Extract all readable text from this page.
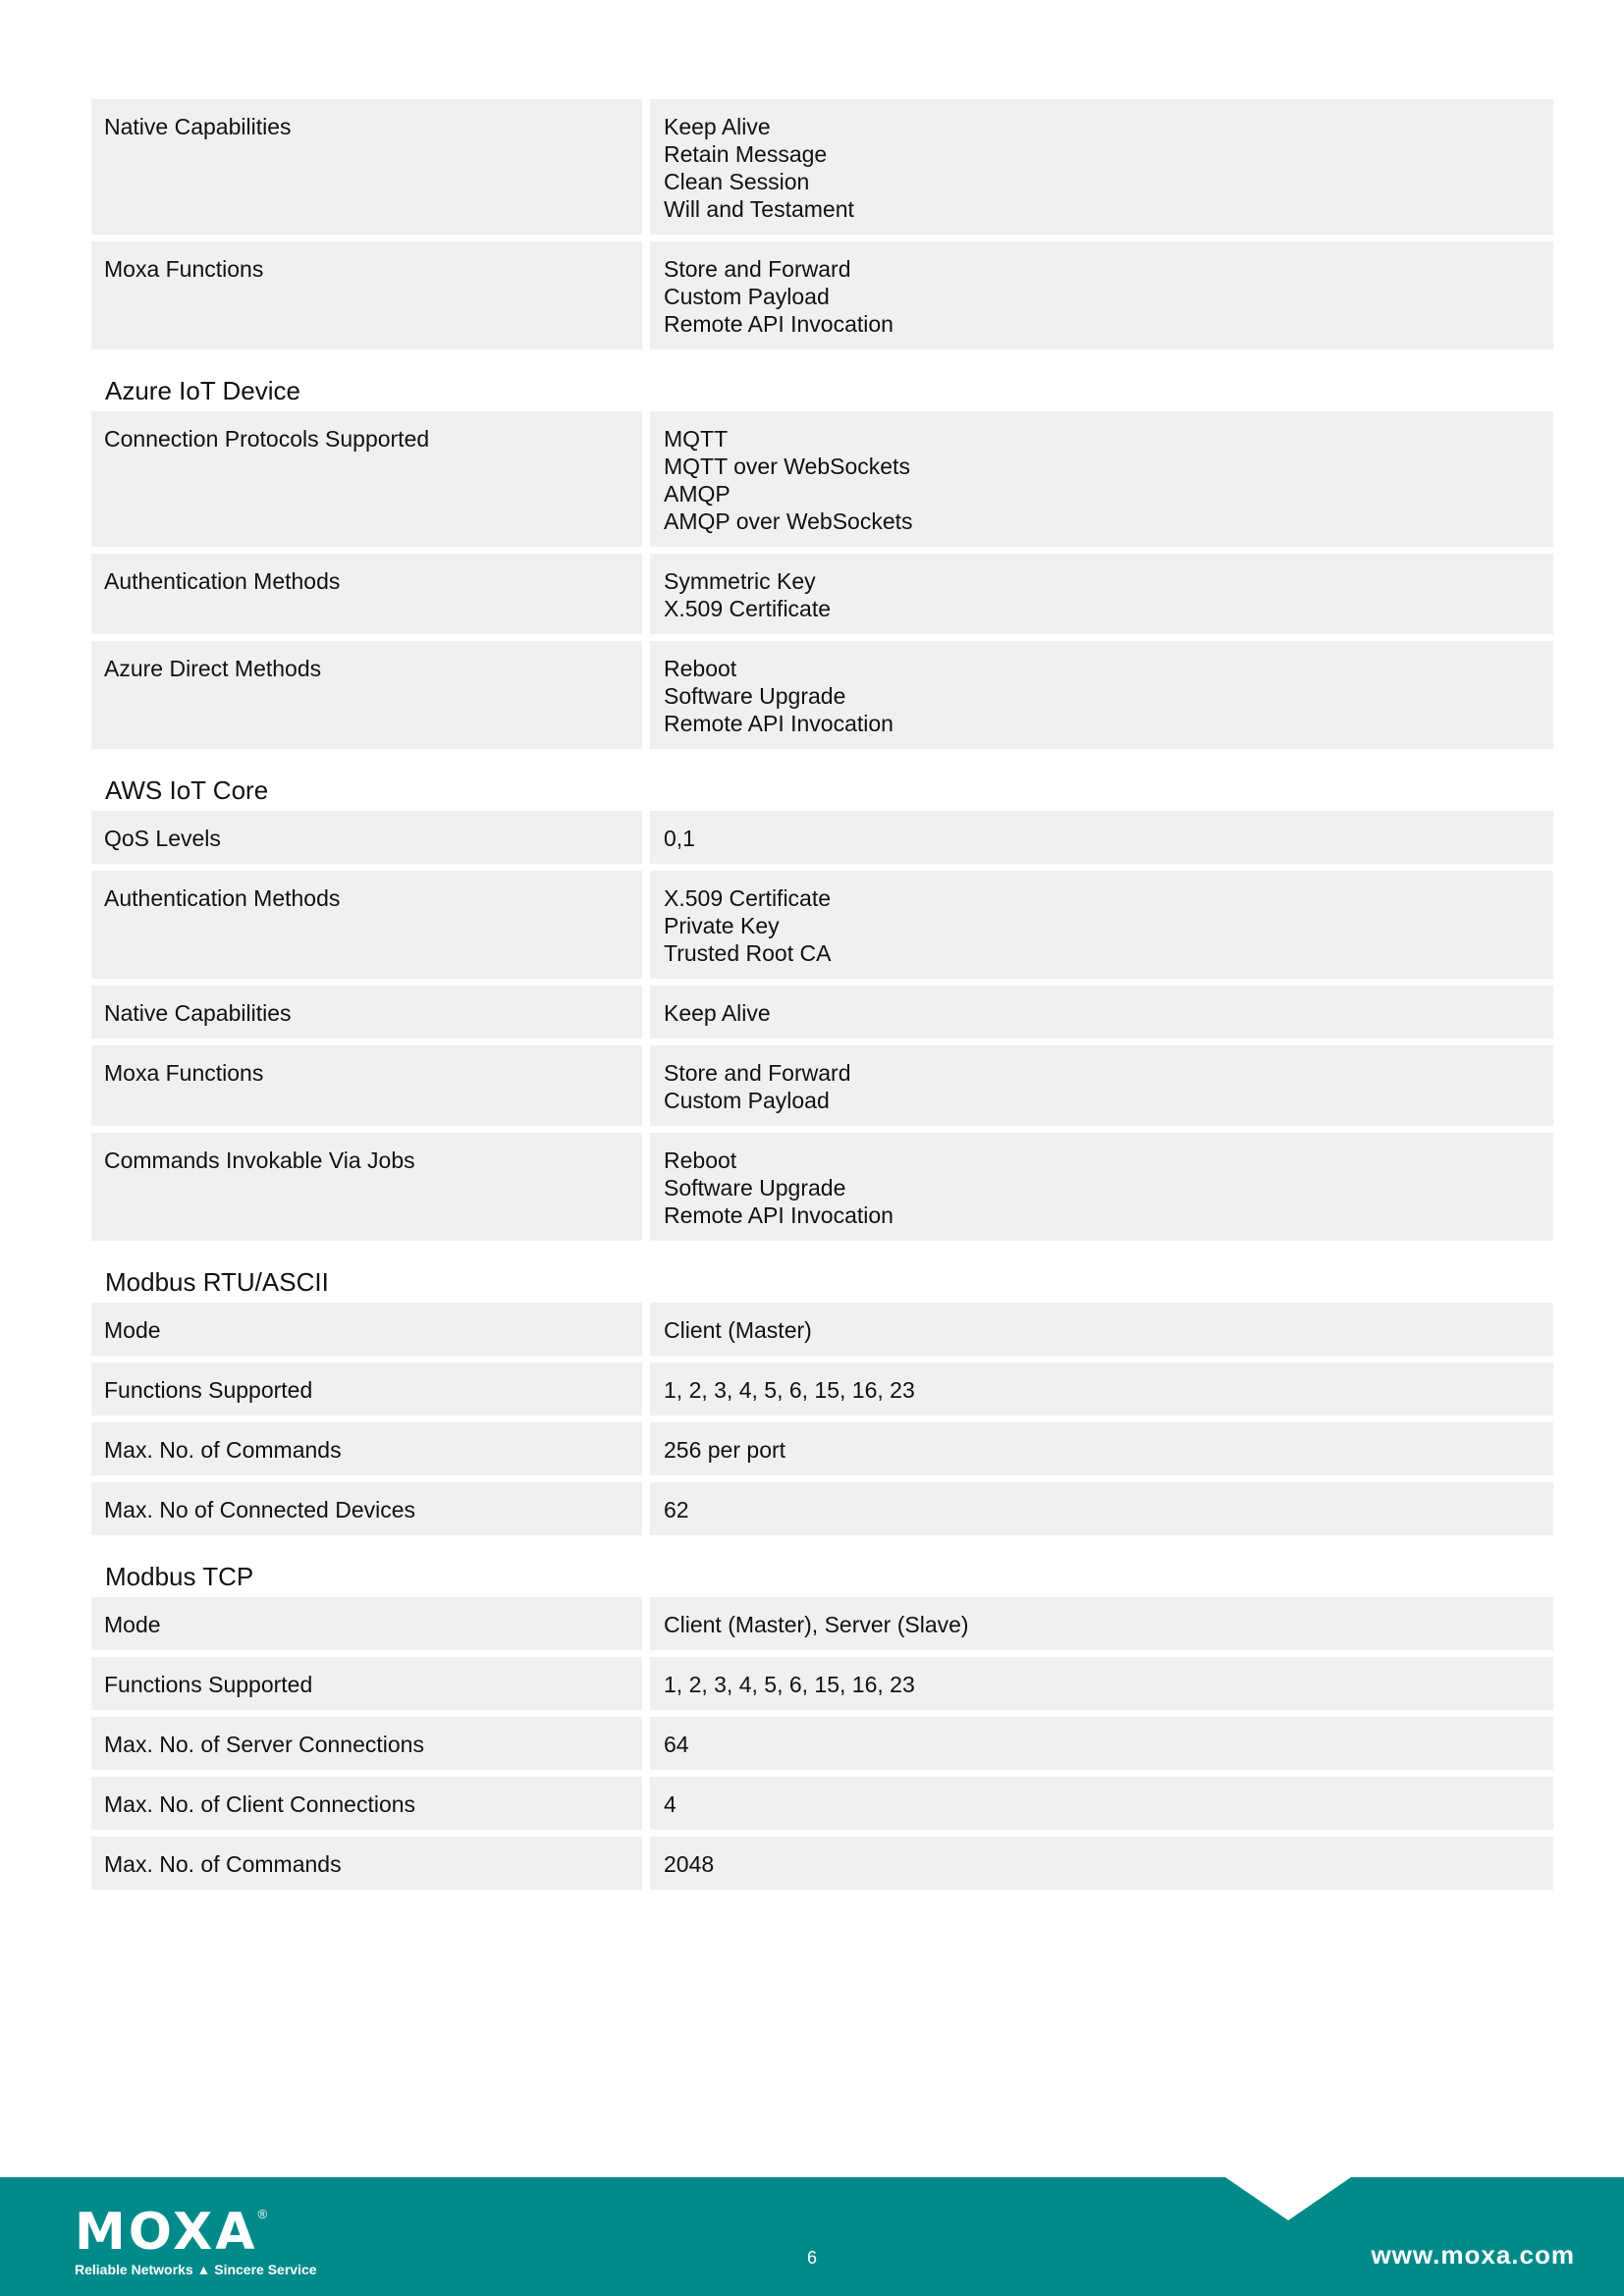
Native Capabilities	Keep Alive
Retain Message
Clean Session
Will and Testament
Moxa Functions	Store and Forward
Custom Payload
Remote API Invocation
Azure IoT Device
Connection Protocols Supported	MQTT
MQTT over WebSockets
AMQP
AMQP over WebSockets
Authentication Methods	Symmetric Key
X.509 Certificate
Azure Direct Methods	Reboot
Software Upgrade
Remote API Invocation
AWS IoT Core
QoS Levels	0,1
Authentication Methods	X.509 Certificate
Private Key
Trusted Root CA
Native Capabilities	Keep Alive
Moxa Functions	Store and Forward
Custom Payload
Commands Invokable Via Jobs	Reboot
Software Upgrade
Remote API Invocation
Modbus RTU/ASCII
Mode	Client (Master)
Functions Supported	1, 2, 3, 4, 5, 6, 15, 16, 23
Max. No. of Commands	256 per port
Max. No of Connected Devices	62
Modbus TCP
Mode	Client (Master), Server (Slave)
Functions Supported	1, 2, 3, 4, 5, 6, 15, 16, 23
Max. No. of Server Connections	64
Max. No. of Client Connections	4
Max. No. of Commands	2048
MOXA®
Reliable Networks ▲ Sincere Service
6	www.moxa.com
